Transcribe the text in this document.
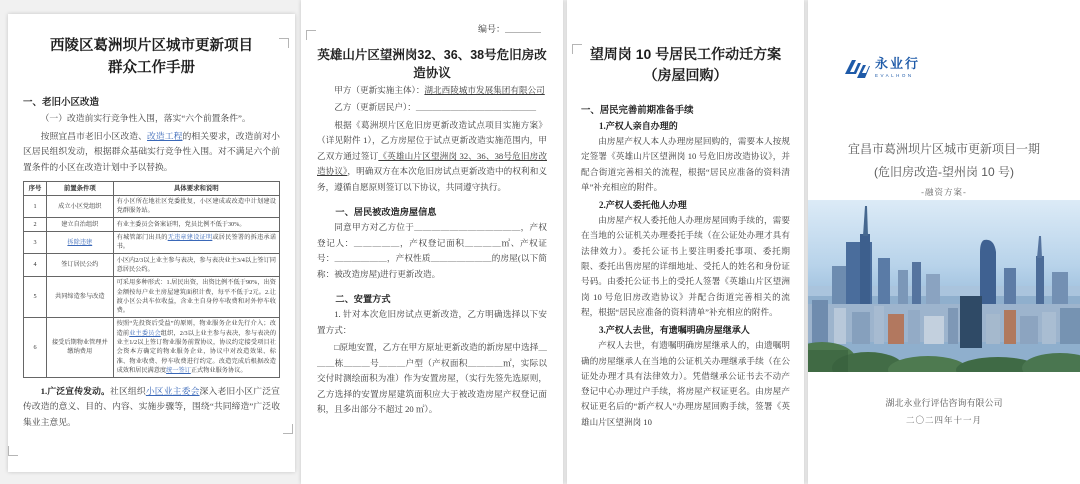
西陵区葛洲坝片区城市更新项目
群众工作手册
一、老旧小区改造

（一）改造前实行竞争性入围，落实“六个前置条件”。

按照宜昌市老旧小区改造、改造工程的相关要求，改造前对小区居民组织发动，根据群众基础实行竞争性入围。对不满足六个前置条件的小区在改造计划中予以替换。

序号	前置条件项	具体要求和说明
1	成立小区党组织	有小区所在地社区党委批复，小区建成或改造中计划建设党群服务站。
2	建立自治组织	有业主委员会备案证明，党员比例不低于30%。
3	拆除违建	有城管部门出具的无违章建设证明或居民签署的拆违承诺书。
4	签订居民公约	小区内2/3以上业主参与表决，参与表决业主3/4以上签订同意居民公约。
5	共同缔造参与改造	可采用多种形式：1.居民出资，出资比例不低于90%，出资金额按每户业主房屋建筑面积计费，每平不低于2元。2.让渡小区公共车位收益，含业主自身停车收费和对外停车收费。
6	接受后期物业管理并缴纳费用	按照“先投资后受益”的原则，物业服务企业先行介入；改造前业主委员会组织，2/3以上业主参与表决，参与表决的业主1/2以上签订物业服务前置协议，协议约定接受项目社会资本方确定的物业服务企业，协议中对改造效果、标准、物业收费、停车收费进行约定。改造完成后根据改造成效和居民满意度统一签订正式物业服务协议。

1.广泛宣传发动。社区组织小区业主委会深入老旧小区广泛宣传改造的意义、目的、内容、实施步骤等，围绕“共同缔造”广泛收集业主意见。

编号：＿＿＿＿
英雄山片区望洲岗32、36、38号危旧房改造协议

甲方（更新实施主体）：湖北西陵城市发展集团有限公司

乙方（更新居民户）：＿＿＿＿＿＿＿＿＿＿＿＿＿＿

根据《葛洲坝片区危旧房更新改造试点项目实施方案》（详见附件 1），乙方房屋位于试点更新改造实施范围内，甲乙双方通过签订《英雄山片区望洲岗 32、36、38号危旧房改造协议》，明确双方在本次危旧房试点更新改造中的权利和义务，遵循自愿原则签订以下协议，共同遵守执行。

一、居民被改造房屋信息

同意甲方对乙方位于＿＿＿＿＿＿＿＿＿＿＿＿，产权登记人：＿＿＿＿＿，产权登记面积＿＿＿＿㎡、产权证号：＿＿＿＿＿＿，产权性质＿＿＿＿＿＿＿的房屋(以下简称：被改造房屋)进行更新改造。

二、安置方式

1. 针对本次危旧房试点更新改造，乙方明确选择以下安置方式：

□原地安置，乙方在甲方原址更新改造的新房屋中选择＿＿＿栋＿＿＿号＿＿＿户型（产权面积＿＿＿＿㎡，实际以交付时测绘面积为准）作为安置房屋，（实行先签先选原则，乙方选择的安置房屋建筑面积应大于被改造房屋产权登记面积，且多出部分不超过 20 ㎡）。

望周岗 10 号居民工作动迁方案
（房屋回购）
一、居民完善前期准备手续
1.产权人亲自办理的

由房屋产权人本人办理房屋回购的，需要本人按规定签署《英雄山片区望洲岗 10 号危旧房改造协议》，并配合街道完善相关的流程，根据“居民应准备的资料清单”补充相应的附件。

2.产权人委托他人办理

由房屋产权人委托他人办理房屋回购手续的，需要在当地的公证机关办理委托手续（在公证处办理才具有法律效力）。委托公证书上要注明委托事项、委托期限、委托出售房屋的详细地址、受托人的姓名和身份证号码。由委托公证书上的受托人签署《英雄山片区望洲岗 10 号危旧房改造协议》并配合街道完善相关的流程，根据“居民应准备的资料清单”补充相应的附件。

3.产权人去世，有遗嘱明确房屋继承人

产权人去世，有遗嘱明确房屋继承人的，由遗嘱明确的房屋继承人在当地的公证机关办理继承手续（在公证处办理才具有法律效力）。凭借继承公证书去不动产登记中心办理过户手续，将房屋产权证更名。由房屋产权证更名后的“新产权人”办理房屋回购手续，签署《英雄山片区望洲岗 10

永业行
EVALHON
宜昌市葛洲坝片区城市更新项目一期
(危旧房改造-望州岗 10 号)
-融资方案-
湖北永业行评估咨询有限公司
二〇二四年十一月
